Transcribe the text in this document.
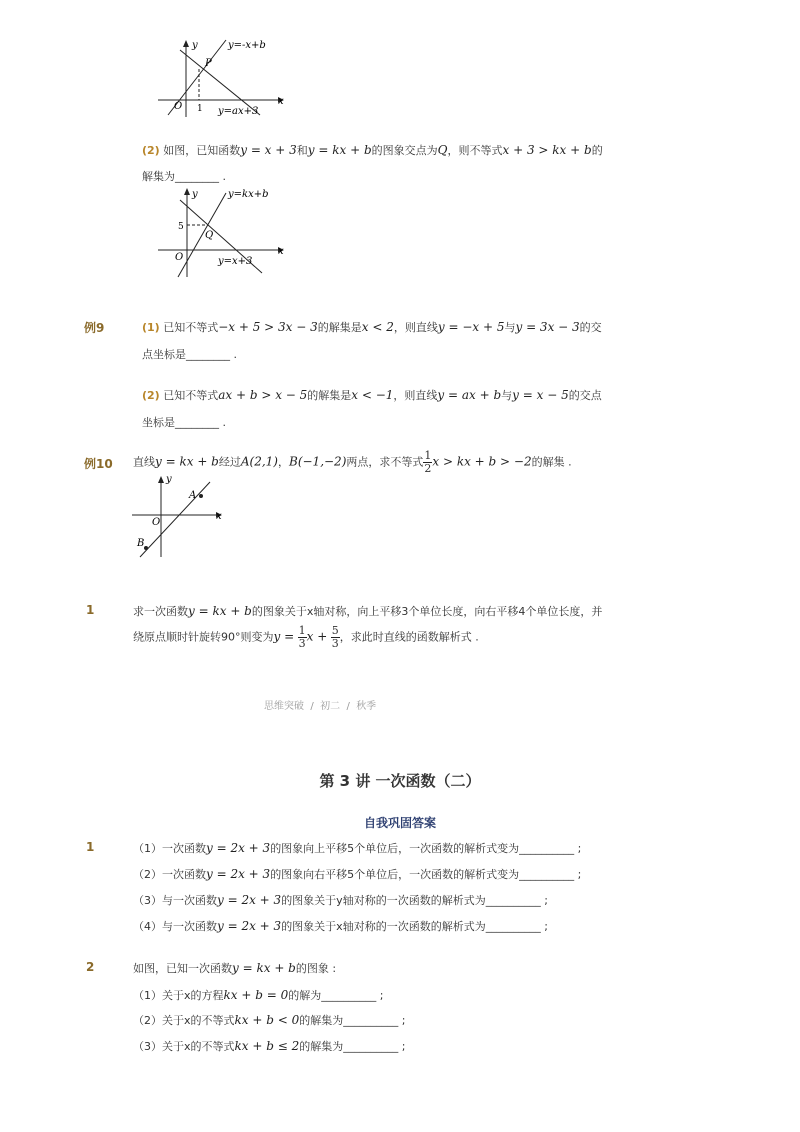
y
x
O
y=-x+b
P
1 y=ax+3
(2) 如图，已知函数y = x + 3和y = kx + b的图象交点为Q，则不等式x + 3 > kx + b的
解集为________ .
y
x
O
y=kx+b
Q
5
y=x+3
例9	(1) 已知不等式−x + 5 > 3x − 3的解集是x < 2，则直线y = −x + 5与y = 3x − 3的交
点坐标是________ .
(2) 已知不等式ax + b > x − 5的解集是x < −1，则直线y = ax + b与y = x − 5的交点
坐标是________ .
例10 直线y = kx + b经过A(2,1)，B(−1,−2)两点，求不等式 $\frac{1}{2}$ x > kx + b > −2的解集 .
y
x
O
A
B
1	求一次函数y = kx + b的图象关于x轴对称，向上平移3个单位长度，向右平移4个单位长度，并
绕原点顺时针旋转90°则变为$y = \frac{1}{3}$ $x + \frac{5}{3}$ ，求此时直线的函数解析式 .
思维突破 / 初二 / 秋季
第 3 讲 一次函数（二）
自我巩固答案
1	（1）一次函数y = 2x + 3的图象向上平移5个单位后，一次函数的解析式变为__________ ;
（2）一次函数y = 2x + 3的图象向右平移5个单位后，一次函数的解析式变为__________ ;
（3）与一次函数y = 2x + 3的图象关于y轴对称的一次函数的解析式为__________ ;
（4）与一次函数y = 2x + 3的图象关于x轴对称的一次函数的解析式为__________ ;
2	如图，已知一次函数y = kx + b的图象 :
（1）关于x的方程kx + b = 0的解为__________ ;
（2）关于x的不等式kx + b < 0的解集为__________ ;
（3）关于x的不等式kx + b ≤ 2的解集为__________ ;
